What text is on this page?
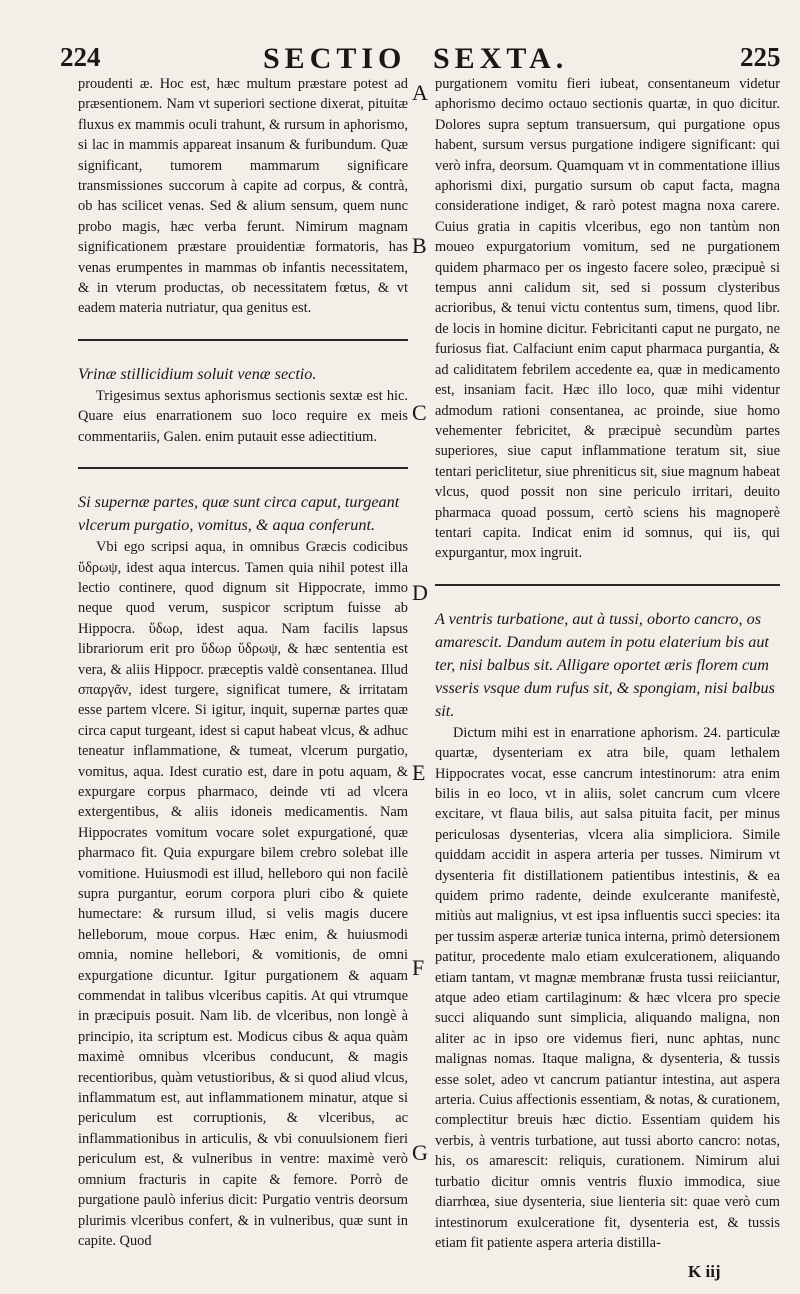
224	SECTIO SEXTA.	225

proudenti æ. Hoc est, hæc multum præstare potest ad præsentionem. Nam vt superiori sectione dixerat, pituitæ fluxus ex mammis oculi trahunt, & rursum in aphorismo, si lac in mammis appareat insanum & furibundum. Quæ significant, tumorem mammarum significare transmissiones succorum à capite ad corpus, & contrà, ob has scilicet venas. Sed & alium sensum, quem nunc probo magis, hæc verba ferunt. Nimirum magnam significationem præstare prouidentiæ formatoris, has venas erumpentes in mammas ob infantis necessitatem, & in vterum productas, ob necessitatem fœtus, & vt eadem materia nutriatur, qua genitus est.

Vrinæ stillicidium soluit venæ sectio.

Trigesimus sextus aphorismus sectionis sextæ est hic. Quare eius enarrationem suo loco require ex meis commentariis, Galen. enim putauit esse adiectitium.

Si supernæ partes, quæ sunt circa caput, turgeant vlcerum purgatio, vomitus, & aqua conferunt.

Vbi ego scripsi aqua, in omnibus Græcis codicibus ὕδρωψ, idest aqua intercus. Tamen quia nihil potest illa lectio continere, quod dignum sit Hippocrate, immo neque quod verum, suspicor scriptum fuisse ab Hippocra. ὕδωρ, idest aqua. Nam facilis lapsus librariorum erit pro ὕδωρ ὕδρωψ, & hæc sententia est vera, & aliis Hippocr. præceptis valdè consentanea. Illud σπαργᾶν, idest turgere, significat tumere, & irritatam esse partem vlcere. Si igitur, inquit, supernæ partes quæ circa caput turgeant, idest si caput habeat vlcus, & adhuc teneatur inflammatione, & tumeat, vlcerum purgatio, vomitus, aqua. Idest curatio est, dare in potu aquam, & expurgare corpus pharmaco, deinde vti ad vlcera extergentibus, & aliis idoneis medicamentis. Nam Hippocrates vomitum vocare solet expurgationé, quæ pharmaco fit. Quia expurgare bilem crebro solebat ille vomitione. Huiusmodi est illud, helleboro qui non facilè supra purgantur, eorum corpora pluri cibo & quiete humectare: & rursum illud, si velis magis ducere helleborum, moue corpus. Hæc enim, & huiusmodi omnia, nomine hellebori, & vomitionis, de omni expurgatione dicuntur. Igitur purgationem & aquam commendat in talibus vlceribus capitis. At qui vtrumque in præcipuis posuit. Nam lib. de vlceribus, non longè à principio, ita scriptum est. Modicus cibus & aqua quàm maximè omnibus vlceribus conducunt, & magis recentioribus, quàm vetustioribus, & si quod aliud vlcus, inflammatum est, aut inflammationem minatur, atque si periculum est corruptionis, & vlceribus, ac inflammationibus in articulis, & vbi conuulsionem fieri periculum est, & vulneribus in ventre: maximè verò omnium fracturis in capite & femore. Porrò de purgatione paulò inferius dicit: Purgatio ventris deorsum plurimis vlceribus confert, & in vulneribus, quæ sunt in capite. Quod

purgationem vomitu fieri iubeat, consentaneum videtur aphorismo decimo octauo sectionis quartæ, in quo dicitur. Dolores supra septum transuersum, qui purgatione opus habent, sursum versus purgatione indigere significant: qui verò infra, deorsum. Quamquam vt in commentatione illius aphorismi dixi, purgatio sursum ob caput facta, magna consideratione indiget, & rarò potest magna noxa carere. Cuius gratia in capitis vlceribus, ego non tantùm non moueo expurgatorium vomitum, sed ne purgationem quidem pharmaco per os ingesto facere soleo, præcipuè si tempus anni calidum sit, sed si possum clysteribus acrioribus, & tenui victu contentus sum, timens, quod libr. de locis in homine dicitur. Febricitanti caput ne purgato, ne furiosus fiat. Calfaciunt enim caput pharmaca purgantia, & ad caliditatem febrilem accedente ea, quæ in medicamento est, insaniam facit. Hæc illo loco, quæ mihi videntur admodum rationi consentanea, ac proinde, siue homo vehementer febricitet, & præcipuè secundùm partes superiores, siue caput inflammatione teratum sit, siue tentari periclitetur, siue phreniticus sit, siue magnum habeat vlcus, quod possit non sine periculo irritari, deuito pharmaca quoad possum, certò sciens his magnoperè tentari capita. Indicat enim id somnus, qui iis, qui expurgantur, mox ingruit.

A ventris turbatione, aut à tussi, oborto cancro, os amarescit. Dandum autem in potu elaterium bis aut ter, nisi balbus sit. Alligare oportet æris florem cum vsseris vsque dum rufus sit, & spongiam, nisi balbus sit.

Dictum mihi est in enarratione aphorism. 24. particulæ quartæ, dysenteriam ex atra bile, quam lethalem Hippocrates vocat, esse cancrum intestinorum: atra enim bilis in eo loco, vt in aliis, solet cancrum cum vlcere excitare, vt flaua bilis, aut salsa pituita facit, per minus periculosas dysenterias, vlcera alia simpliciora. Simile quiddam accidit in aspera arteria per tusses. Nimirum vt dysenteria fit distillationem patientibus intestinis, & ea quidem primo radente, deinde exulcerante manifestè, mitiùs aut malignius, vt est ipsa influentis succi species: ita per tussim asperæ arteriæ tunica interna, primò detersionem patitur, procedente malo etiam exulcerationem, aliquando etiam tantam, vt magnæ membranæ frusta tussi reiiciantur, atque adeo etiam cartilaginum: & hæc vlcera pro specie succi aliquando sunt simplicia, aliquando maligna, non aliter ac in ipso ore videmus fieri, nunc aphtas, nunc malignas nomas. Itaque maligna, & dysenteria, & tussis esse solet, adeo vt cancrum patiantur intestina, aut aspera arteria. Cuius affectionis essentiam, & notas, & curationem, complectitur breuis hæc dictio. Essentiam quidem his verbis, à ventris turbatione, aut tussi aborto cancro: notas, his, os amarescit: reliquis, curationem. Nimirum alui turbatio dicitur omnis ventris fluxio immodica, siue diarrhœa, siue dysenteria, siue lienteria sit: quae verò cum intestinorum exulceratione fit, dysenteria est, & tussis etiam fit patiente aspera arteria distilla-

A
B
C
D
E
F
G
K iij
